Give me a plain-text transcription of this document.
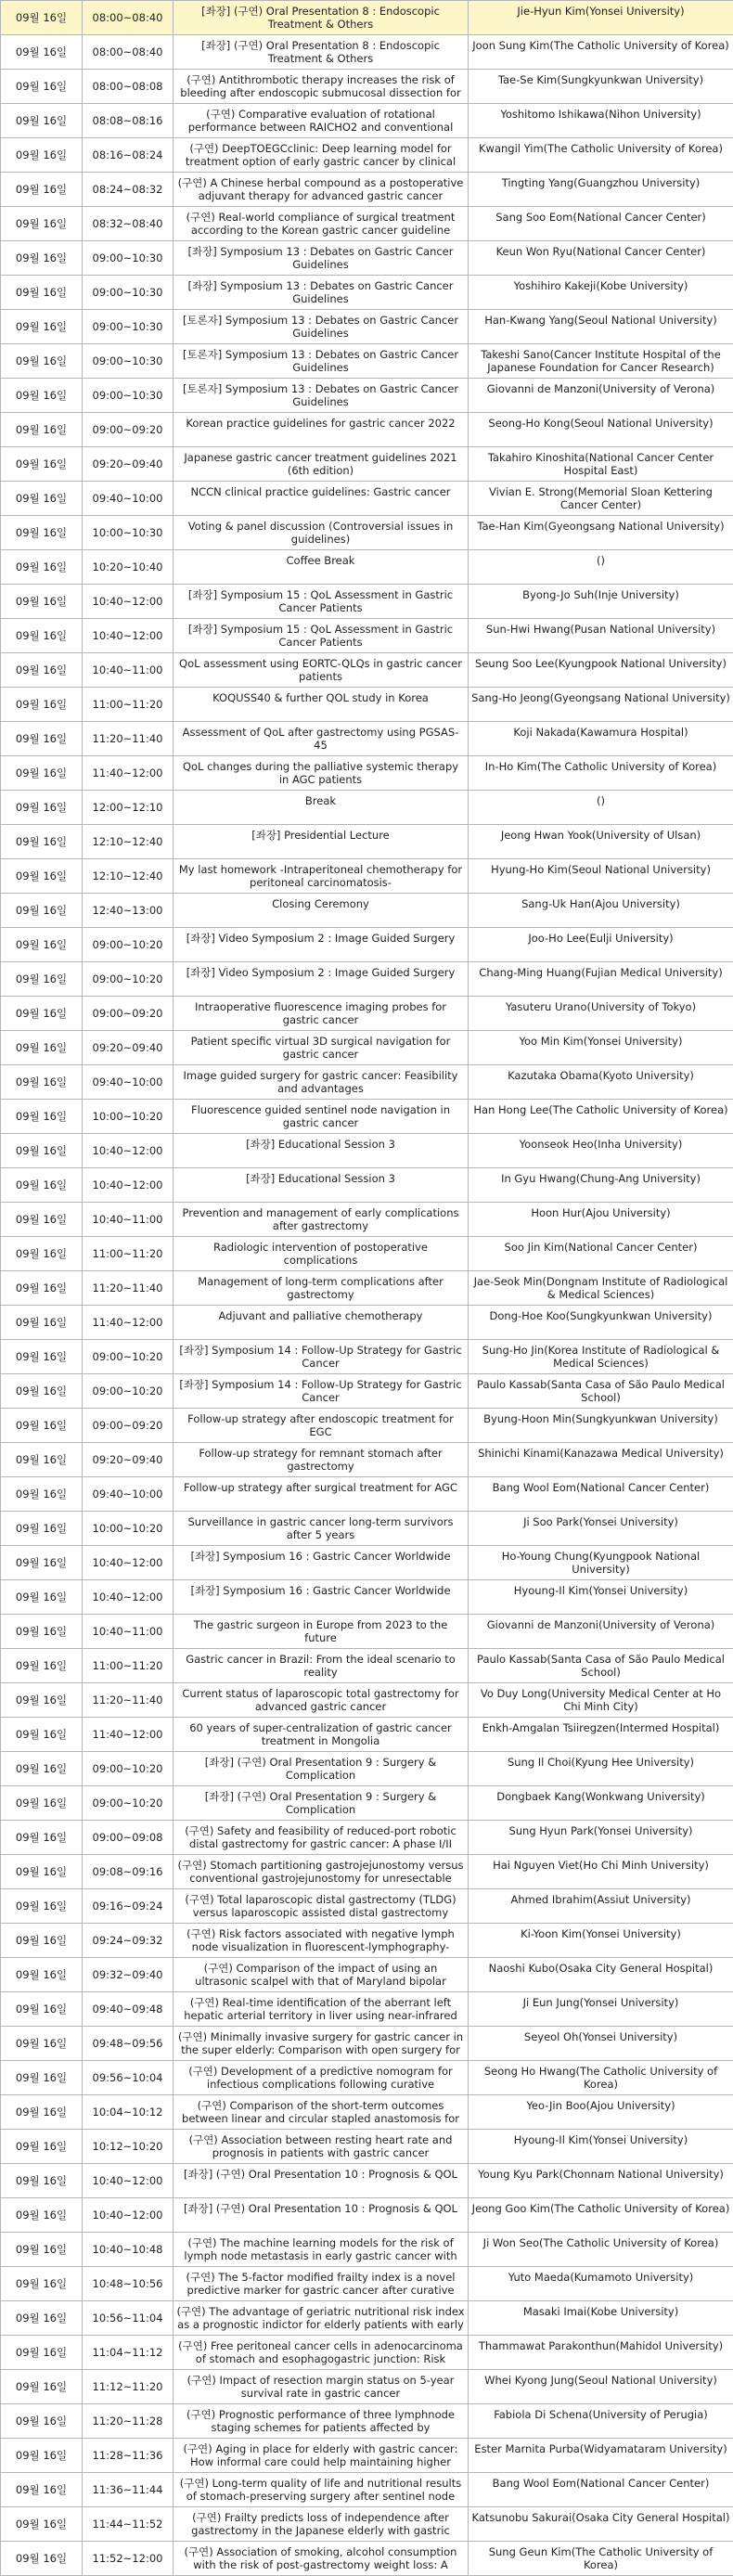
09월 16일	08:00~08:40	[좌장] (구연) Oral Presentation 8 : Endoscopic Treatment & Others	Jie-Hyun Kim(Yonsei University)

09월 16일	08:00~08:40	[좌장] (구연) Oral Presentation 8 : Endoscopic Treatment & Others	Joon Sung Kim(The Catholic University of Korea)

09월 16일	08:00~08:08	(구연) Antithrombotic therapy increases the risk of bleeding after endoscopic submucosal dissection for	Tae-Se Kim(Sungkyunkwan University)

09월 16일	08:08~08:16	(구연) Comparative evaluation of rotational performance between RAICHO2 and conventional	Yoshitomo Ishikawa(Nihon University)

09월 16일	08:16~08:24	(구연) DeepTOEGCclinic: Deep learning model for treatment option of early gastric cancer by clinical	Kwangil Yim(The Catholic University of Korea)

09월 16일	08:24~08:32	(구연) A Chinese herbal compound as a postoperative adjuvant therapy for advanced gastric cancer	Tingting Yang(Guangzhou University)

09월 16일	08:32~08:40	(구연) Real-world compliance of surgical treatment according to the Korean gastric cancer guideline	Sang Soo Eom(National Cancer Center)

09월 16일	09:00~10:30	[좌장] Symposium 13 : Debates on Gastric Cancer Guidelines	Keun Won Ryu(National Cancer Center)

09월 16일	09:00~10:30	[좌장] Symposium 13 : Debates on Gastric Cancer Guidelines	Yoshihiro Kakeji(Kobe University)

09월 16일	09:00~10:30	[토론자] Symposium 13 : Debates on Gastric Cancer Guidelines	Han-Kwang Yang(Seoul National University)

09월 16일	09:00~10:30	[토론자] Symposium 13 : Debates on Gastric Cancer Guidelines	Takeshi Sano(Cancer Institute Hospital of the Japanese Foundation for Cancer Research)

09월 16일	09:00~10:30	[토론자] Symposium 13 : Debates on Gastric Cancer Guidelines	Giovanni de Manzoni(University of Verona)

09월 16일	09:00~09:20	Korean practice guidelines for gastric cancer 2022	Seong-Ho Kong(Seoul National University)

09월 16일	09:20~09:40	Japanese gastric cancer treatment guidelines 2021 (6th edition)	Takahiro Kinoshita(National Cancer Center Hospital East)

09월 16일	09:40~10:00	NCCN clinical practice guidelines: Gastric cancer	Vivian E. Strong(Memorial Sloan Kettering Cancer Center)

09월 16일	10:00~10:30	Voting & panel discussion (Controversial issues in guidelines)	Tae-Han Kim(Gyeongsang National University)

09월 16일	10:20~10:40	Coffee Break	()

09월 16일	10:40~12:00	[좌장] Symposium 15 : QoL Assessment in Gastric Cancer Patients	Byong-Jo Suh(Inje University)

09월 16일	10:40~12:00	[좌장] Symposium 15 : QoL Assessment in Gastric Cancer Patients	Sun-Hwi Hwang(Pusan National University)

09월 16일	10:40~11:00	QoL assessment using EORTC-QLQs in gastric cancer patients	Seung Soo Lee(Kyungpook National University)

09월 16일	11:00~11:20	KOQUSS40 & further QOL study in Korea	Sang-Ho Jeong(Gyeongsang National University)

09월 16일	11:20~11:40	Assessment of QoL after gastrectomy using PGSAS-45	Koji Nakada(Kawamura Hospital)

09월 16일	11:40~12:00	QoL changes during the palliative systemic therapy in AGC patients	In-Ho Kim(The Catholic University of Korea)

09월 16일	12:00~12:10	Break	()

09월 16일	12:10~12:40	[좌장] Presidential Lecture	Jeong Hwan Yook(University of Ulsan)

09월 16일	12:10~12:40	My last homework -Intraperitoneal chemotherapy for peritoneal carcinomatosis-	Hyung-Ho Kim(Seoul National University)

09월 16일	12:40~13:00	Closing Ceremony	Sang-Uk Han(Ajou University)

09월 16일	09:00~10:20	[좌장] Video Symposium 2 : Image Guided Surgery	Joo-Ho Lee(Eulji University)

09월 16일	09:00~10:20	[좌장] Video Symposium 2 : Image Guided Surgery	Chang-Ming Huang(Fujian Medical University)

09월 16일	09:00~09:20	Intraoperative fluorescence imaging probes for gastric cancer	Yasuteru Urano(University of Tokyo)

09월 16일	09:20~09:40	Patient specific virtual 3D surgical navigation for gastric cancer	Yoo Min Kim(Yonsei University)

09월 16일	09:40~10:00	Image guided surgery for gastric cancer: Feasibility and advantages	Kazutaka Obama(Kyoto University)

09월 16일	10:00~10:20	Fluorescence guided sentinel node navigation in gastric cancer	Han Hong Lee(The Catholic University of Korea)

09월 16일	10:40~12:00	[좌장] Educational Session 3	Yoonseok Heo(Inha University)

09월 16일	10:40~12:00	[좌장] Educational Session 3	In Gyu Hwang(Chung-Ang University)

09월 16일	10:40~11:00	Prevention and management of early complications after gastrectomy	Hoon Hur(Ajou University)

09월 16일	11:00~11:20	Radiologic intervention of postoperative complications	Soo Jin Kim(National Cancer Center)

09월 16일	11:20~11:40	Management of long-term complications after gastrectomy	Jae-Seok Min(Dongnam Institute of Radiological & Medical Sciences)

09월 16일	11:40~12:00	Adjuvant and palliative chemotherapy	Dong-Hoe Koo(Sungkyunkwan University)

09월 16일	09:00~10:20	[좌장] Symposium 14 : Follow-Up Strategy for Gastric Cancer	Sung-Ho Jin(Korea Institute of Radiological & Medical Sciences)

09월 16일	09:00~10:20	[좌장] Symposium 14 : Follow-Up Strategy for Gastric Cancer	Paulo Kassab(Santa Casa of São Paulo Medical School)

09월 16일	09:00~09:20	Follow-up strategy after endoscopic treatment for EGC	Byung-Hoon Min(Sungkyunkwan University)

09월 16일	09:20~09:40	Follow-up strategy for remnant stomach after gastrectomy	Shinichi Kinami(Kanazawa Medical University)

09월 16일	09:40~10:00	Follow-up strategy after surgical treatment for AGC	Bang Wool Eom(National Cancer Center)

09월 16일	10:00~10:20	Surveillance in gastric cancer long-term survivors after 5 years	Ji Soo Park(Yonsei University)

09월 16일	10:40~12:00	[좌장] Symposium 16 : Gastric Cancer Worldwide	Ho-Young Chung(Kyungpook National University)

09월 16일	10:40~12:00	[좌장] Symposium 16 : Gastric Cancer Worldwide	Hyoung-Il Kim(Yonsei University)

09월 16일	10:40~11:00	The gastric surgeon in Europe from 2023 to the future	Giovanni de Manzoni(University of Verona)

09월 16일	11:00~11:20	Gastric cancer in Brazil: From the ideal scenario to reality	Paulo Kassab(Santa Casa of São Paulo Medical School)

09월 16일	11:20~11:40	Current status of laparoscopic total gastrectomy for advanced gastric cancer	Vo Duy Long(University Medical Center at Ho Chi Minh City)

09월 16일	11:40~12:00	60 years of super-centralization of gastric cancer treatment in Mongolia	Enkh-Amgalan Tsiiregzen(Intermed Hospital)

09월 16일	09:00~10:20	[좌장] (구연) Oral Presentation 9 : Surgery & Complication	Sung Il Choi(Kyung Hee University)

09월 16일	09:00~10:20	[좌장] (구연) Oral Presentation 9 : Surgery & Complication	Dongbaek Kang(Wonkwang University)

09월 16일	09:00~09:08	(구연) Safety and feasibility of reduced-port robotic distal gastrectomy for gastric cancer: A phase I/II	Sung Hyun Park(Yonsei University)

09월 16일	09:08~09:16	(구연) Stomach partitioning gastrojejunostomy versus conventional gastrojejunostomy for unresectable	Hai Nguyen Viet(Ho Chi Minh University)

09월 16일	09:16~09:24	(구연) Total laparoscopic distal gastrectomy (TLDG) versus laparoscopic assisted distal gastrectomy	Ahmed Ibrahim(Assiut University)

09월 16일	09:24~09:32	(구연) Risk factors associated with negative lymph node visualization in fluorescent-lymphography-	Ki-Yoon Kim(Yonsei University)

09월 16일	09:32~09:40	(구연) Comparison of the impact of using an ultrasonic scalpel with that of Maryland bipolar	Naoshi Kubo(Osaka City General Hospital)

09월 16일	09:40~09:48	(구연) Real-time identification of the aberrant left hepatic arterial territory in liver using near-infrared	Ji Eun Jung(Yonsei University)

09월 16일	09:48~09:56	(구연) Minimally invasive surgery for gastric cancer in the super elderly: Comparison with open surgery for	Seyeol Oh(Yonsei University)

09월 16일	09:56~10:04	(구연) Development of a predictive nomogram for infectious complications following curative	Seong Ho Hwang(The Catholic University of Korea)

09월 16일	10:04~10:12	(구연) Comparison of the short-term outcomes between linear and circular stapled anastomosis for	Yeo-Jin Boo(Ajou University)

09월 16일	10:12~10:20	(구연) Association between resting heart rate and prognosis in patients with gastric cancer	Hyoung-Il Kim(Yonsei University)

09월 16일	10:40~12:00	[좌장] (구연) Oral Presentation 10 : Prognosis & QOL	Young Kyu Park(Chonnam National University)

09월 16일	10:40~12:00	[좌장] (구연) Oral Presentation 10 : Prognosis & QOL	Jeong Goo Kim(The Catholic University of Korea)

09월 16일	10:40~10:48	(구연) The machine learning models for the risk of lymph node metastasis in early gastric cancer with	Ji Won Seo(The Catholic University of Korea)

09월 16일	10:48~10:56	(구연) The 5-factor modified frailty index is a novel predictive marker for gastric cancer after curative	Yuto Maeda(Kumamoto University)

09월 16일	10:56~11:04	(구연) The advantage of geriatric nutritional risk index as a prognostic indictor for elderly patients with early	Masaki Imai(Kobe University)

09월 16일	11:04~11:12	(구연) Free peritoneal cancer cells in adenocarcinoma of stomach and esophagogastric junction: Risk	Thammawat Parakonthun(Mahidol University)

09월 16일	11:12~11:20	(구연) Impact of resection margin status on 5-year survival rate in gastric cancer	Whei Kyong Jung(Seoul National University)

09월 16일	11:20~11:28	(구연) Prognostic performance of three lymphnode staging schemes for patients affected by	Fabiola Di Schena(University of Perugia)

09월 16일	11:28~11:36	(구연) Aging in place for elderly with gastric cancer: How informal care could help maintaining higher	Ester Marnita Purba(Widyamataram University)

09월 16일	11:36~11:44	(구연) Long-term quality of life and nutritional results of stomach-preserving surgery after sentinel node	Bang Wool Eom(National Cancer Center)

09월 16일	11:44~11:52	(구연) Frailty predicts loss of independence after gastrectomy in the Japanese elderly with gastric	Katsunobu Sakurai(Osaka City General Hospital)

09월 16일	11:52~12:00	(구연) Association of smoking, alcohol consumption with the risk of post-gastrectomy weight loss: A	Sung Geun Kim(The Catholic University of Korea)
